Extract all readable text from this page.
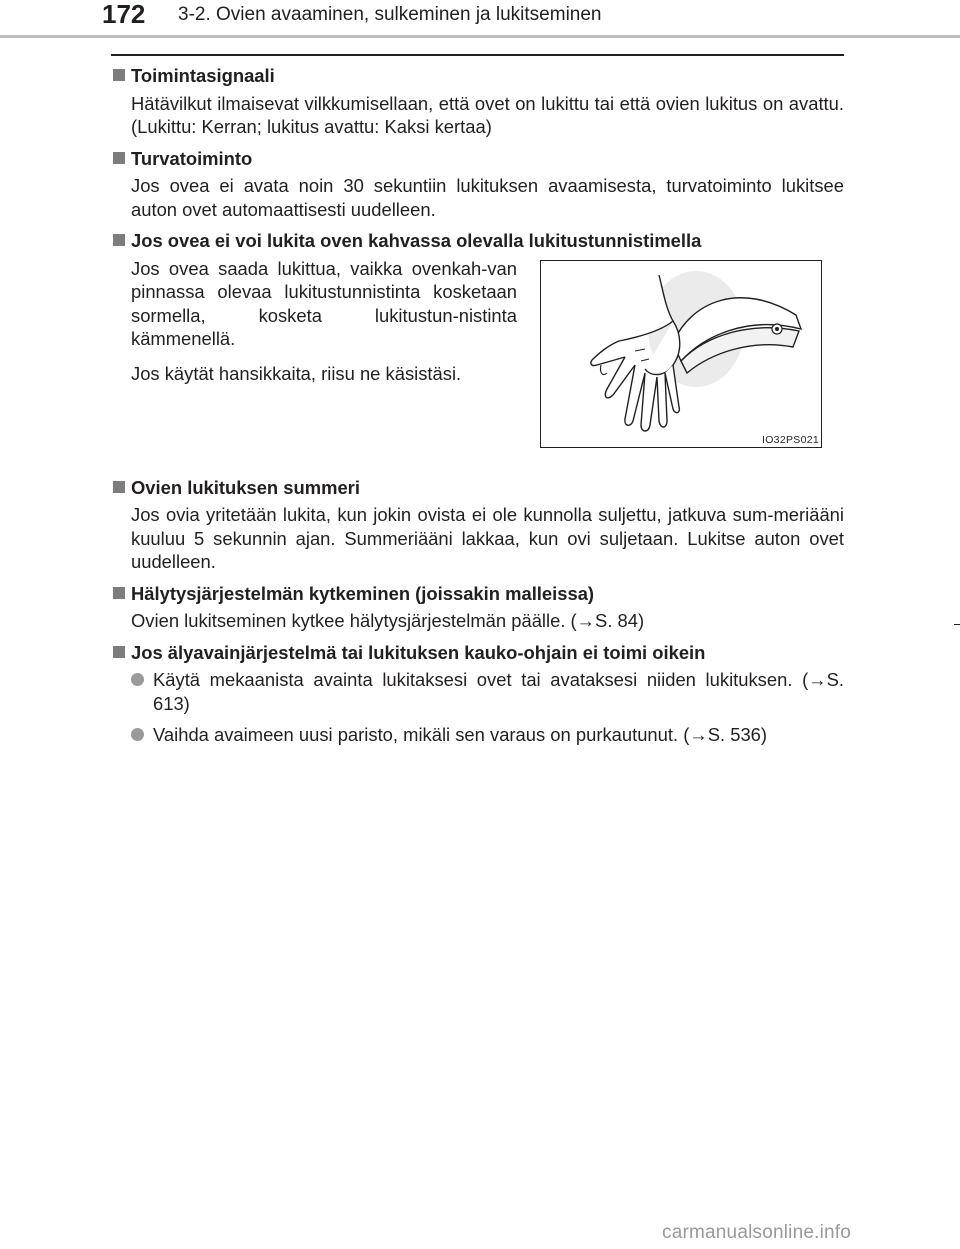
172 3-2. Ovien avaaminen, sulkeminen ja lukitseminen
Toimintasignaali

Hätävilkut ilmaisevat vilkkumisellaan, että ovet on lukittu tai että ovien lukitus on avattu. (Lukittu: Kerran; lukitus avattu: Kaksi kertaa)

Turvatoiminto

Jos ovea ei avata noin 30 sekuntiin lukituksen avaamisesta, turvatoiminto lukitsee auton ovet automaattisesti uudelleen.

Jos ovea ei voi lukita oven kahvassa olevalla lukitustunnistimella

Jos ovea saada lukittua, vaikka ovenkah-van pinnassa olevaa lukitustunnistinta kosketaan sormella, kosketa lukitustun-nistinta kämmenellä.

Jos käytät hansikkaita, riisu ne käsistäsi.

IO32PS021
Ovien lukituksen summeri

Jos ovia yritetään lukita, kun jokin ovista ei ole kunnolla suljettu, jatkuva sum-meriääni kuuluu 5 sekunnin ajan. Summeriääni lakkaa, kun ovi suljetaan. Lukitse auton ovet uudelleen.

Hälytysjärjestelmän kytkeminen (joissakin malleissa)

Ovien lukitseminen kytkee hälytysjärjestelmän päälle. (→S. 84)

Jos älyavainjärjestelmä tai lukituksen kauko-ohjain ei toimi oikein
Käytä mekaanista avainta lukitaksesi ovet tai avataksesi niiden lukituksen. (→S. 613)
Vaihda avaimeen uusi paristo, mikäli sen varaus on purkautunut. (→S. 536)
carmanualsonline.info
